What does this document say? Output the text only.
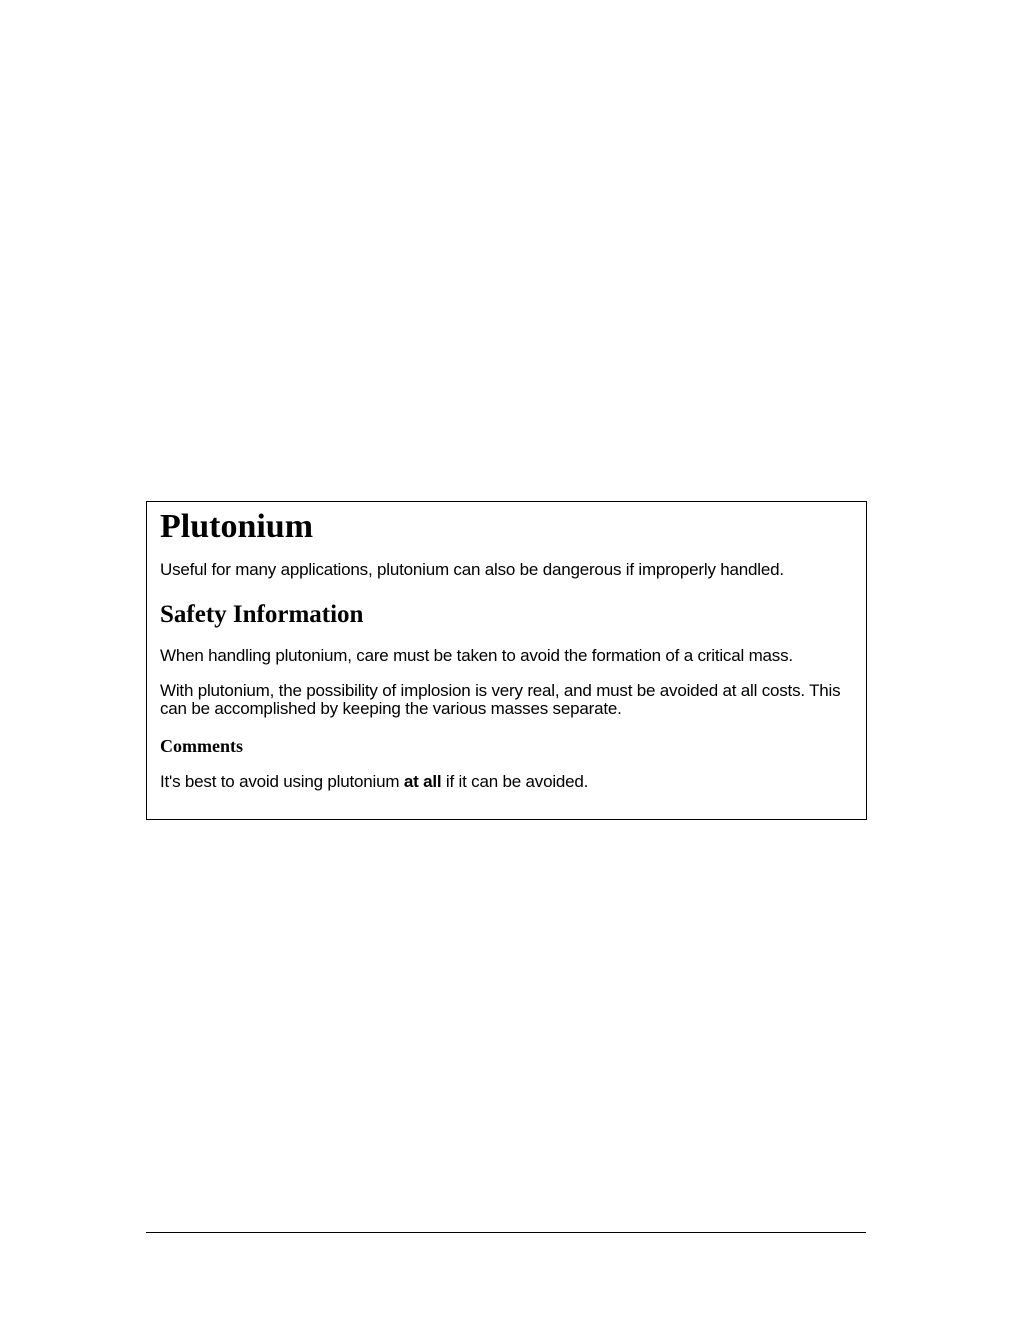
Plutonium

Useful for many applications, plutonium can also be dangerous if improperly handled.

Safety Information

When handling plutonium, care must be taken to avoid the formation of a critical mass.

With plutonium, the possibility of implosion is very real, and must be avoided at all costs. This can be accomplished by keeping the various masses separate.

Comments

It's best to avoid using plutonium at all if it can be avoided.
